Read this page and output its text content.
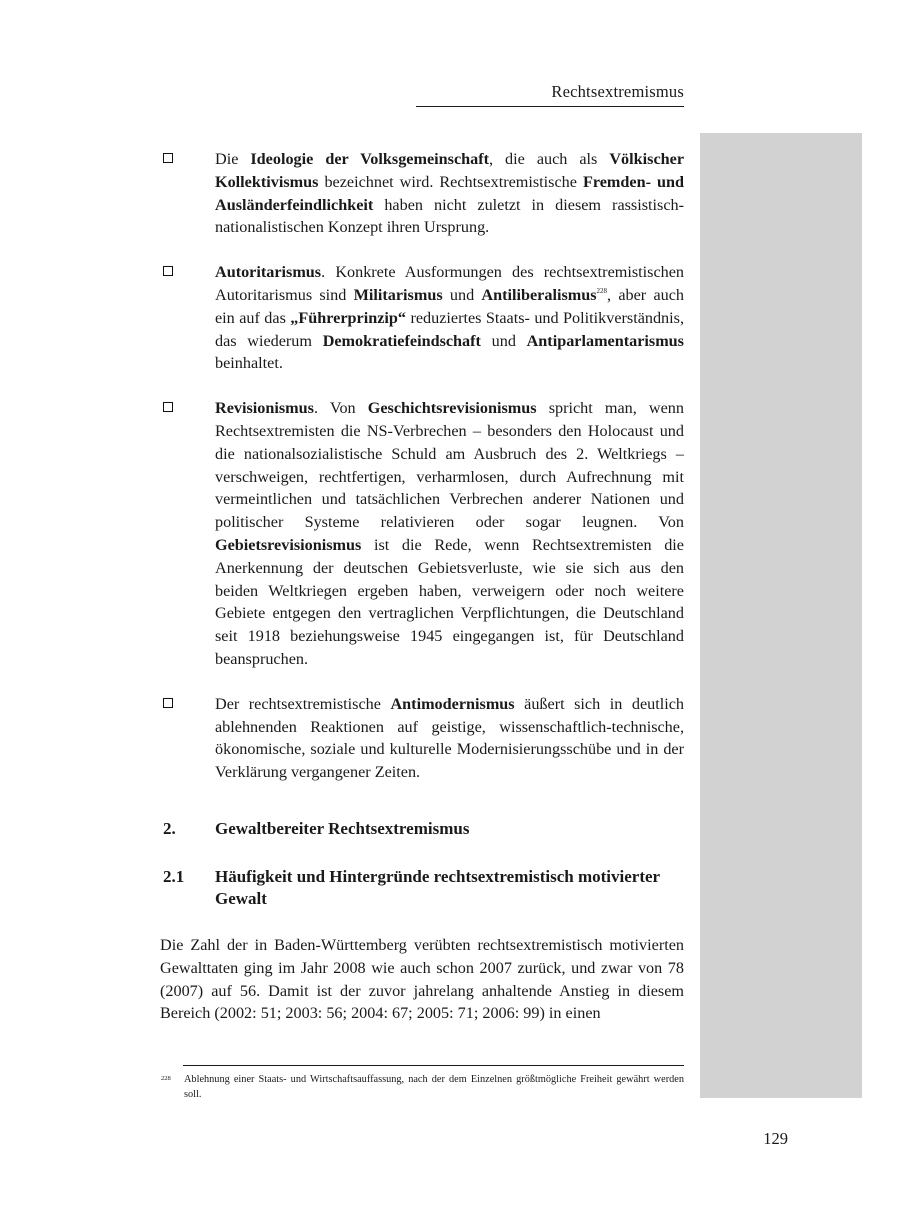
Rechtsextremismus
Die Ideologie der Volksgemeinschaft, die auch als Völkischer Kollektivismus bezeichnet wird. Rechtsextremistische Fremden- und Ausländerfeindlichkeit haben nicht zuletzt in diesem rassistisch-nationalistischen Konzept ihren Ursprung.
Autoritarismus. Konkrete Ausformungen des rechtsextremistischen Autoritarismus sind Militarismus und Antiliberalismus$^{228}$, aber auch ein auf das „Führerprinzip“ reduziertes Staats- und Politikverständnis, das wiederum Demokratiefeindschaft und Antiparlamentarismus beinhaltet.
Revisionismus. Von Geschichtsrevisionismus spricht man, wenn Rechtsextremisten die NS-Verbrechen – besonders den Holocaust und die nationalsozialistische Schuld am Ausbruch des 2. Weltkriegs – verschweigen, rechtfertigen, verharmlosen, durch Aufrechnung mit vermeintlichen und tatsächlichen Verbrechen anderer Nationen und politischer Systeme relativieren oder sogar leugnen. Von Gebietsrevisionismus ist die Rede, wenn Rechtsextremisten die Anerkennung der deutschen Gebietsverluste, wie sie sich aus den beiden Weltkriegen ergeben haben, verweigern oder noch weitere Gebiete entgegen den vertraglichen Verpflichtungen, die Deutschland seit 1918 beziehungsweise 1945 eingegangen ist, für Deutschland beanspruchen.
Der rechtsextremistische Antimodernismus äußert sich in deutlich ablehnenden Reaktionen auf geistige, wissenschaftlich-technische, ökonomische, soziale und kulturelle Modernisierungsschübe und in der Verklärung vergangener Zeiten.
2. Gewaltbereiter Rechtsextremismus
2.1 Häufigkeit und Hintergründe rechtsextremistisch motivierter Gewalt
Die Zahl der in Baden-Württemberg verübten rechtsextremistisch motivierten Gewalttaten ging im Jahr 2008 wie auch schon 2007 zurück, und zwar von 78 (2007) auf 56. Damit ist der zuvor jahrelang anhaltende Anstieg in diesem Bereich (2002: 51; 2003: 56; 2004: 67; 2005: 71; 2006: 99) in einen
228 Ablehnung einer Staats- und Wirtschaftsauffassung, nach der dem Einzelnen größtmögliche Freiheit gewährt werden soll.
129
